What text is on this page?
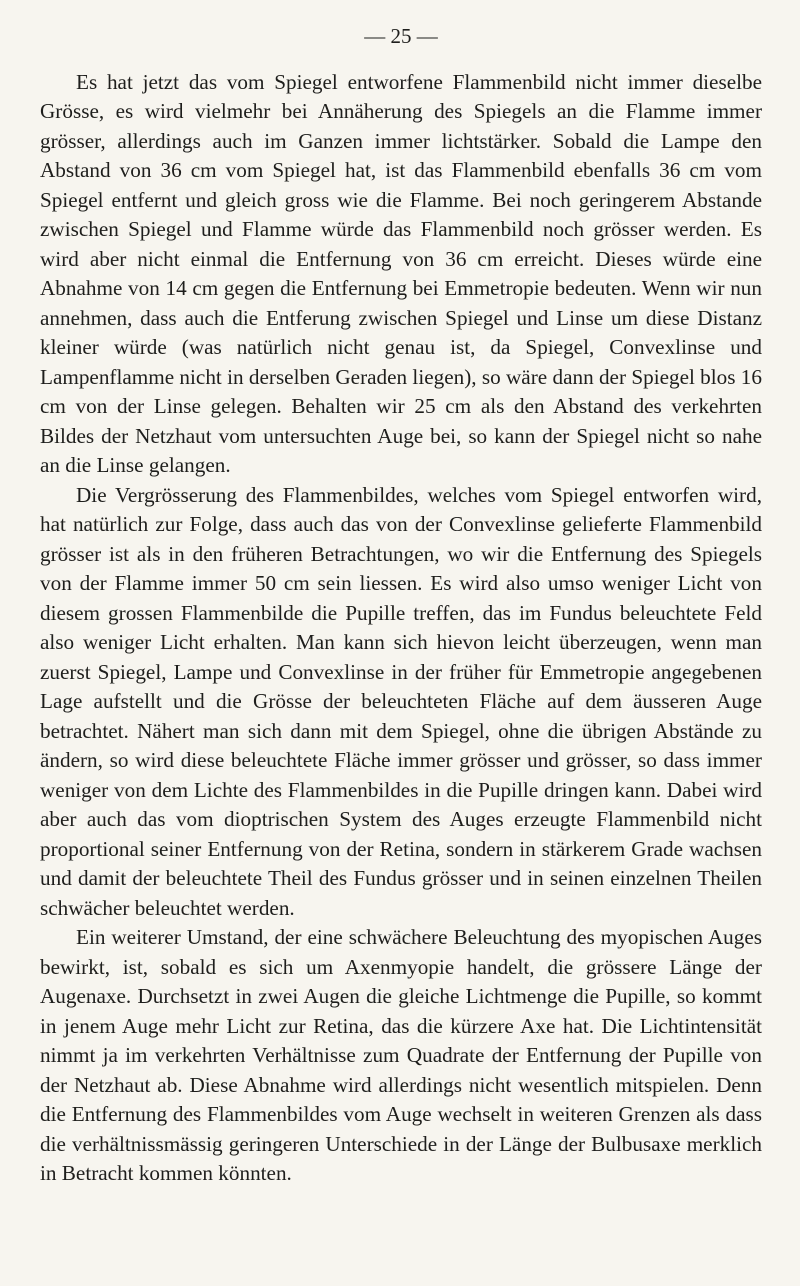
— 25 —

Es hat jetzt das vom Spiegel entworfene Flammenbild nicht immer dieselbe Grösse, es wird vielmehr bei Annäherung des Spiegels an die Flamme immer grösser, allerdings auch im Ganzen immer lichtstärker. Sobald die Lampe den Abstand von 36 cm vom Spiegel hat, ist das Flammenbild ebenfalls 36 cm vom Spiegel entfernt und gleich gross wie die Flamme. Bei noch geringerem Abstande zwischen Spiegel und Flamme würde das Flammenbild noch grösser werden. Es wird aber nicht einmal die Entfernung von 36 cm erreicht. Dieses würde eine Abnahme von 14 cm gegen die Entfernung bei Emmetropie bedeuten. Wenn wir nun annehmen, dass auch die Entferung zwischen Spiegel und Linse um diese Distanz kleiner würde (was natürlich nicht genau ist, da Spiegel, Convexlinse und Lampenflamme nicht in derselben Geraden liegen), so wäre dann der Spiegel blos 16 cm von der Linse gelegen. Behalten wir 25 cm als den Abstand des verkehrten Bildes der Netzhaut vom untersuchten Auge bei, so kann der Spiegel nicht so nahe an die Linse gelangen.

Die Vergrösserung des Flammenbildes, welches vom Spiegel entworfen wird, hat natürlich zur Folge, dass auch das von der Convexlinse gelieferte Flammenbild grösser ist als in den früheren Betrachtungen, wo wir die Entfernung des Spiegels von der Flamme immer 50 cm sein liessen. Es wird also umso weniger Licht von diesem grossen Flammenbilde die Pupille treffen, das im Fundus beleuchtete Feld also weniger Licht erhalten. Man kann sich hievon leicht überzeugen, wenn man zuerst Spiegel, Lampe und Convexlinse in der früher für Emmetropie angegebenen Lage aufstellt und die Grösse der beleuchteten Fläche auf dem äusseren Auge betrachtet. Nähert man sich dann mit dem Spiegel, ohne die übrigen Abstände zu ändern, so wird diese beleuchtete Fläche immer grösser und grösser, so dass immer weniger von dem Lichte des Flammenbildes in die Pupille dringen kann. Dabei wird aber auch das vom dioptrischen System des Auges erzeugte Flammenbild nicht proportional seiner Entfernung von der Retina, sondern in stärkerem Grade wachsen und damit der beleuchtete Theil des Fundus grösser und in seinen einzelnen Theilen schwächer beleuchtet werden.

Ein weiterer Umstand, der eine schwächere Beleuchtung des myopischen Auges bewirkt, ist, sobald es sich um Axenmyopie handelt, die grössere Länge der Augenaxe. Durchsetzt in zwei Augen die gleiche Lichtmenge die Pupille, so kommt in jenem Auge mehr Licht zur Retina, das die kürzere Axe hat. Die Lichtintensität nimmt ja im verkehrten Verhältnisse zum Quadrate der Entfernung der Pupille von der Netzhaut ab. Diese Abnahme wird allerdings nicht wesentlich mitspielen. Denn die Entfernung des Flammenbildes vom Auge wechselt in weiteren Grenzen als dass die verhältnissmässig geringeren Unterschiede in der Länge der Bulbusaxe merklich in Betracht kommen könnten.
